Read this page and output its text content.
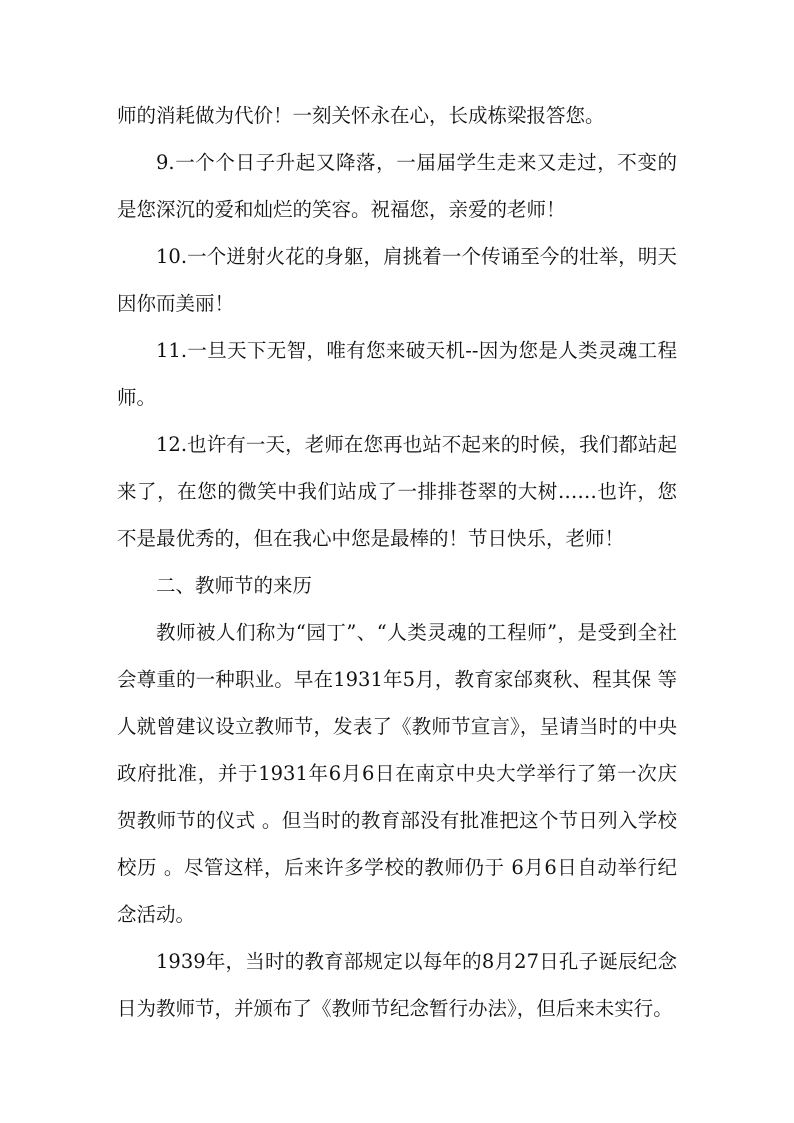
师的消耗做为代价！一刻关怀永在心，长成栋梁报答您。

9.一个个日子升起又降落，一届届学生走来又走过，不变的是您深沉的爱和灿烂的笑容。祝福您，亲爱的老师！

10.一个迸射火花的身躯，肩挑着一个传诵至今的壮举，明天因你而美丽！

11.一旦天下无智，唯有您来破天机--因为您是人类灵魂工程师。

12.也许有一天，老师在您再也站不起来的时候，我们都站起来了，在您的微笑中我们站成了一排排苍翠的大树……也许，您不是最优秀的，但在我心中您是最棒的！节日快乐，老师！

二、教师节的来历

教师被人们称为“园丁”、“人类灵魂的工程师”，是受到全社会尊重的一种职业。早在1931年5月，教育家邰爽秋、程其保 等人就曾建议设立教师节，发表了《教师节宣言》，呈请当时的中央政府批准，并于1931年6月6日在南京中央大学举行了第一次庆贺教师节的仪式 。但当时的教育部没有批准把这个节日列入学校校历 。尽管这样，后来许多学校的教师仍于 6月6日自动举行纪念活动。

1939年，当时的教育部规定以每年的8月27日孔子诞辰纪念日为教师节，并颁布了《教师节纪念暂行办法》，但后来未实行。
